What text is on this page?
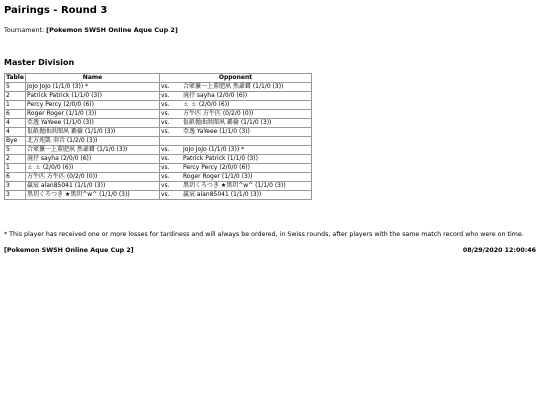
Pairings - Round 3
Tournament: [Pokemon SWSH Online Aque Cup 2]
Master Division
Table	Name	Opponent	
5	JoJo JoJo (1/1/0 (3)) *	vs.	合眾獵一上董肥夙 然爺鎶 (1/1/0 (3))
2	Patrick Patrick (1/1/0 (3))	vs.	滰抒 sayha (2/0/0 (6))
1	Percy Percy (2/0/0 (6))	vs.	ㄊ ㄊ (2/0/0 (6))
6	Roger Roger (1/1/0 (3))	vs.	方牛匹 方牛匹 (0/2/0 (0))
4	亞逸 YaYeee (1/1/0 (3))	vs.	佤畝拋曲洪图夙 覇倫 (1/1/0 (3))
4	佤畝拋曲洪图夙 覇倫 (1/1/0 (3))	vs.	亞逸 YaYeee (1/1/0 (3))
Bye	北方苑凱 羽音 (1/2/0 (3))		
5	合眾獵一上董肥夙 然爺鎶 (1/1/0 (3))	vs.	JoJo JoJo (1/1/0 (3)) *
2	滰抒 sayha (2/0/0 (6))	vs.	Patrick Patrick (1/1/0 (3))
1	ㄊ ㄊ (2/0/0 (6))	vs.	Percy Percy (2/0/0 (6))
6	方牛匹 方牛匹 (0/2/0 (0))	vs.	Roger Roger (1/1/0 (3))
3	赢宸 alan85041 (1/1/0 (3))	vs.	黑玥くろつき ★黑玥^w^ (1/1/0 (3))
3	黑玥くろつき ★黑玥^w^ (1/1/0 (3))	vs.	赢宸 alan85041 (1/1/0 (3))
* This player has received one or more losses for tardiness and will always be ordered, in Swiss rounds, after players with the same match record who were on time.
[Pokemon SWSH Online Aque Cup 2]	08/29/2020 12:00:46
